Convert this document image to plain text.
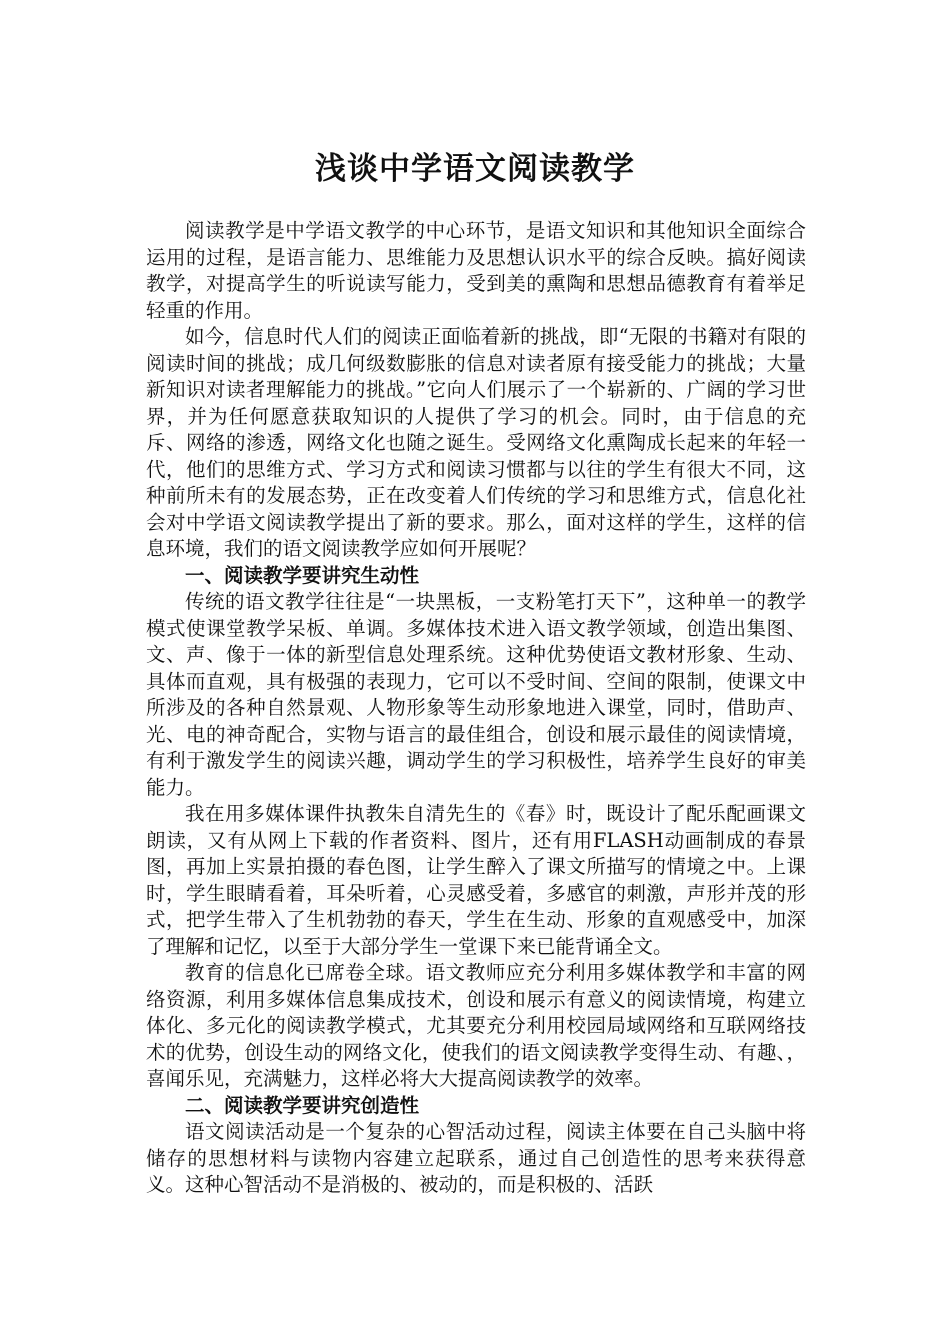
浅谈中学语文阅读教学

阅读教学是中学语文教学的中心环节，是语文知识和其他知识全面综合运用的过程，是语言能力、思维能力及思想认识水平的综合反映。搞好阅读教学，对提高学生的听说读写能力，受到美的熏陶和思想品德教育有着举足轻重的作用。

如今，信息时代人们的阅读正面临着新的挑战，即“无限的书籍对有限的阅读时间的挑战；成几何级数膨胀的信息对读者原有接受能力的挑战；大量新知识对读者理解能力的挑战。”它向人们展示了一个崭新的、广阔的学习世界，并为任何愿意获取知识的人提供了学习的机会。同时，由于信息的充斥、网络的渗透，网络文化也随之诞生。受网络文化熏陶成长起来的年轻一代，他们的思维方式、学习方式和阅读习惯都与以往的学生有很大不同，这种前所未有的发展态势，正在改变着人们传统的学习和思维方式，信息化社会对中学语文阅读教学提出了新的要求。那么，面对这样的学生，这样的信息环境，我们的语文阅读教学应如何开展呢？

一、阅读教学要讲究生动性

传统的语文教学往往是“一块黑板，一支粉笔打天下”，这种单一的教学模式使课堂教学呆板、单调。多媒体技术进入语文教学领域，创造出集图、文、声、像于一体的新型信息处理系统。这种优势使语文教材形象、生动、具体而直观，具有极强的表现力，它可以不受时间、空间的限制，使课文中所涉及的各种自然景观、人物形象等生动形象地进入课堂，同时，借助声、光、电的神奇配合，实物与语言的最佳组合，创设和展示最佳的阅读情境，有利于激发学生的阅读兴趣，调动学生的学习积极性，培养学生良好的审美能力。

我在用多媒体课件执教朱自清先生的《春》时，既设计了配乐配画课文朗读，又有从网上下载的作者资料、图片，还有用FLASH动画制成的春景图，再加上实景拍摄的春色图，让学生醉入了课文所描写的情境之中。上课时，学生眼睛看着，耳朵听着，心灵感受着，多感官的刺激，声形并茂的形式，把学生带入了生机勃勃的春天，学生在生动、形象的直观感受中，加深了理解和记忆，以至于大部分学生一堂课下来已能背诵全文。

教育的信息化已席卷全球。语文教师应充分利用多媒体教学和丰富的网络资源，利用多媒体信息集成技术，创设和展示有意义的阅读情境，构建立体化、多元化的阅读教学模式，尤其要充分利用校园局域网络和互联网络技术的优势，创设生动的网络文化，使我们的语文阅读教学变得生动、有趣、，喜闻乐见，充满魅力，这样必将大大提高阅读教学的效率。

二、阅读教学要讲究创造性

语文阅读活动是一个复杂的心智活动过程，阅读主体要在自己头脑中将储存的思想材料与读物内容建立起联系，通过自己创造性的思考来获得意义。这种心智活动不是消极的、被动的，而是积极的、活跃
